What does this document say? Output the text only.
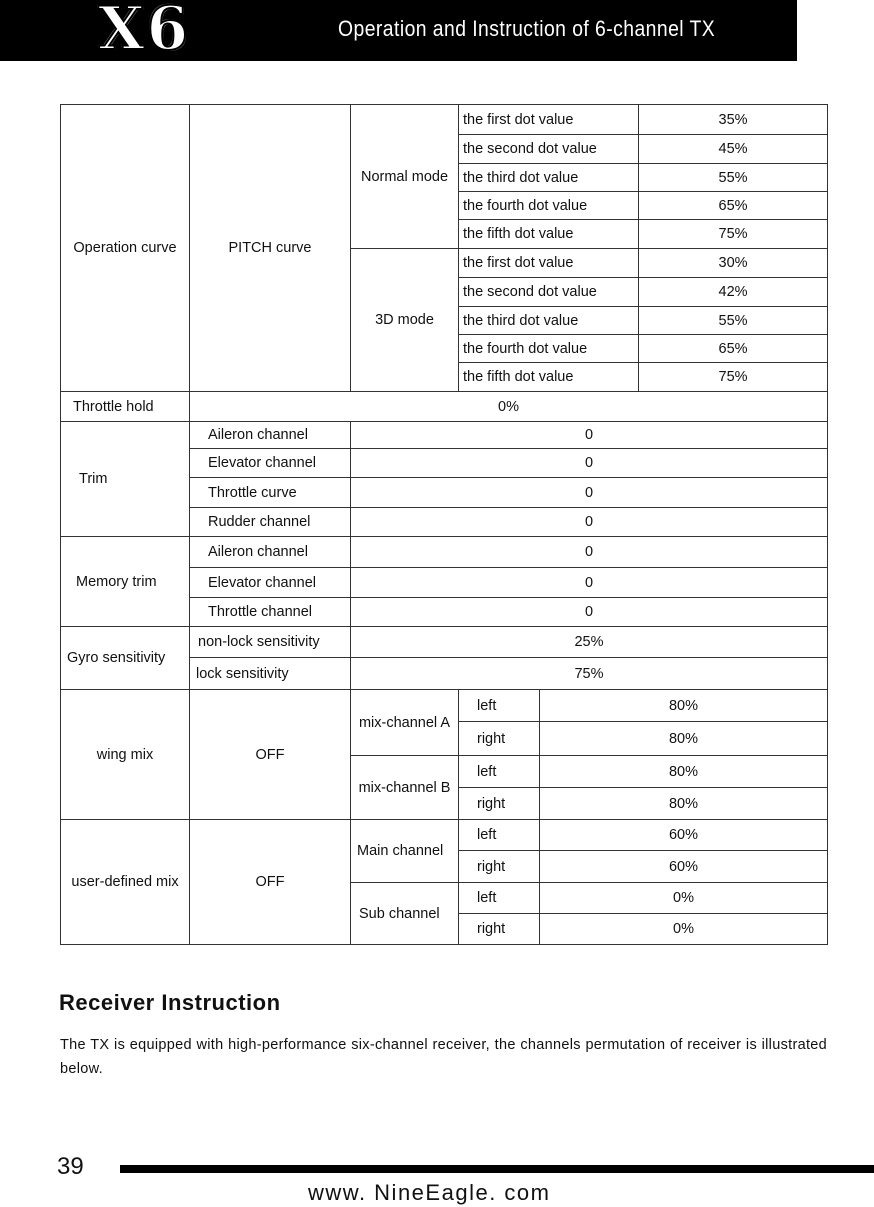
X6	Operation and Instruction of 6-channel TX
Operation curve	PITCH curve	Normal mode	the first dot value		35%
			the second dot value		45%
			the third dot value		55%
			the fourth dot value		65%
			the fifth dot value		75%
		3D mode	the first dot value		30%
			the second dot value		42%
			the third dot value		55%
			the fourth dot value		65%
			the fifth dot value		75%
Throttle hold	0%				
Trim	Aileron channel	0			
	Elevator channel	0			
	Throttle curve	0			
	Rudder channel	0			
Memory trim	Aileron channel	0			
	Elevator channel	0			
	Throttle channel	0			
Gyro sensitivity	non-lock sensitivity	25%			
	lock sensitivity	75%			
wing mix	OFF	mix-channel A	left	80%	
			right	80%	
		mix-channel B	left	80%	
			right	80%	
user-defined mix	OFF	Main channel	left	60%	
			right	60%	
		Sub channel	left	0%	
			right	0%	
Receiver Instruction
The TX is equipped with high-performance six-channel receiver, the channels permutation of receiver is illustrated below.
39
www. NineEagle. com
